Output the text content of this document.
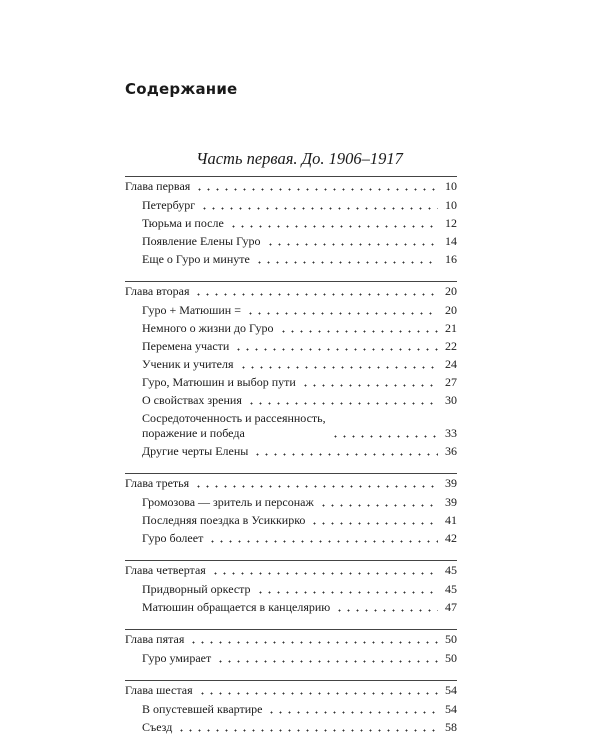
Содержание
Часть первая. До. 1906–1917
Глава первая	10
Петербург	10
Тюрьма и после	12
Появление Елены Гуро	14
Еще о Гуро и минуте	16
Глава вторая	20
Гуро + Матюшин =	20
Немного о жизни до Гуро	21
Перемена участи	22
Ученик и учителя	24
Гуро, Матюшин и выбор пути	27
О свойствах зрения	30
Сосредоточенность и рассеянность,
поражение и победа	33
Другие черты Елены	36
Глава третья	39
Громозова — зритель и персонаж	39
Последняя поездка в Усиккирко	41
Гуро болеет	42
Глава четвертая	45
Придворный оркестр	45
Матюшин обращается в канцелярию	47
Глава пятая	50
Гуро умирает	50
Глава шестая	54
В опустевшей квартире	54
Съезд	58
